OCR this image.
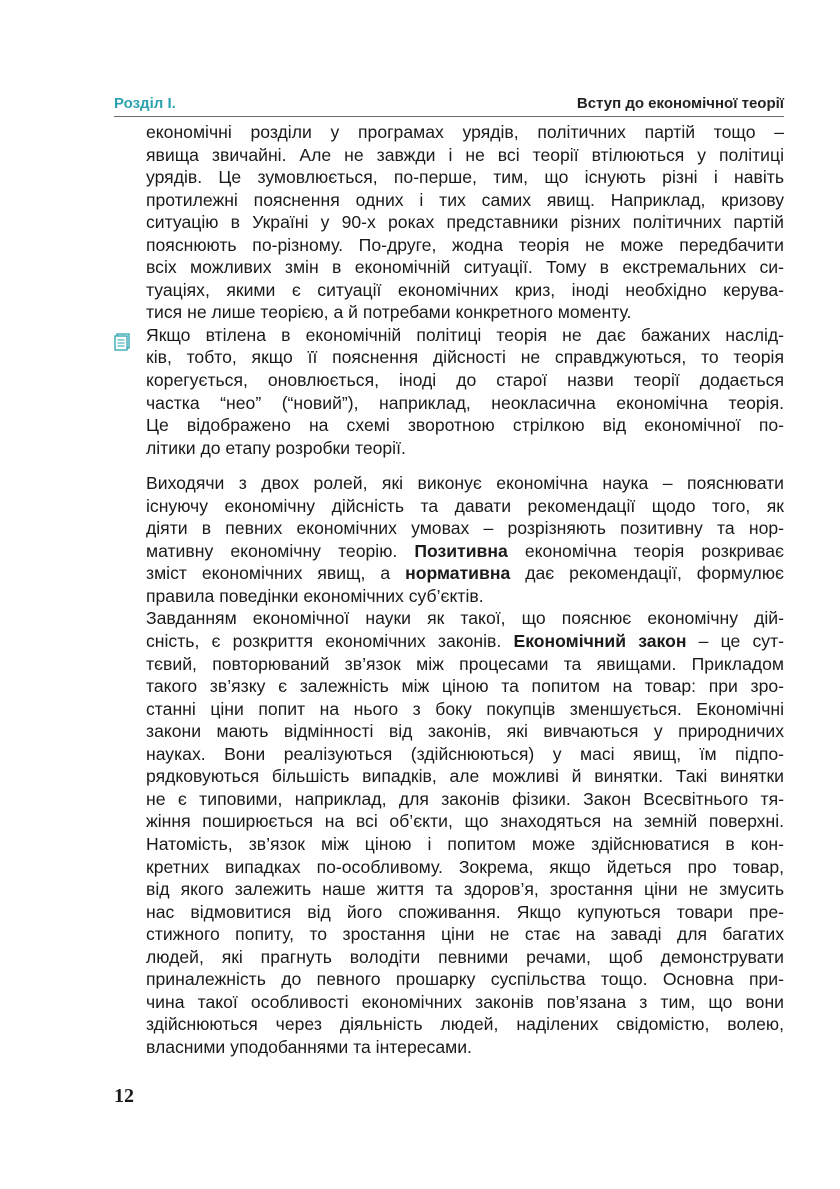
Розділ І.	Вступ до економічної теорії

економічні розділи у програмах урядів, політичних партій тощо –
явища звичайні. Але не завжди і не всі теорії втілюються у політиці
урядів. Це зумовлюється, по-перше, тим, що існують різні і навіть
протилежні пояснення одних і тих самих явищ. Наприклад, кризову
ситуацію в Україні у 90-х роках представники різних політичних партій
пояснюють по-різному. По-друге, жодна теорія не може передбачити
всіх можливих змін в економічній ситуації. Тому в екстремальних си-
туаціях, якими є ситуації економічних криз, іноді необхідно керува-
тися не лише теорією, а й потребами конкретного моменту.

Якщо втілена в економічній політиці теорія не дає бажаних наслід-
ків, тобто, якщо її пояснення дійсності не справджуються, то теорія
корегується, оновлюється, іноді до старої назви теорії додається
частка “нео” (“новий”), наприклад, неокласична економічна теорія.
Це відображено на схемі зворотною стрілкою від економічної по-
літики до етапу розробки теорії.

Виходячи з двох ролей, які виконує економічна наука – пояснювати
існуючу економічну дійсність та давати рекомендації щодо того, як
діяти в певних економічних умовах – розрізняють позитивну та нор-
мативну економічну теорію. Позитивна економічна теорія розкриває
зміст економічних явищ, а нормативна дає рекомендації, формулює
правила поведінки економічних суб’єктів.

Завданням економічної науки як такої, що пояснює економічну дій-
сність, є розкриття економічних законів. Економічний закон – це сут-
тєвий, повторюваний зв’язок між процесами та явищами. Прикладом
такого зв’язку є залежність між ціною та попитом на товар: при зро-
станні ціни попит на нього з боку покупців зменшується. Економічні
закони мають відмінності від законів, які вивчаються у природничих
науках. Вони реалізуються (здійснюються) у масі явищ, їм підпо-
рядковуються більшість випадків, але можливі й винятки. Такі винятки
не є типовими, наприклад, для законів фізики. Закон Всесвітнього тя-
жіння поширюється на всі об’єкти, що знаходяться на земній поверхні.
Натомість, зв’язок між ціною і попитом може здійснюватися в кон-
кретних випадках по-особливому. Зокрема, якщо йдеться про товар,
від якого залежить наше життя та здоров’я, зростання ціни не змусить
нас відмовитися від його споживання. Якщо купуються товари пре-
стижного попиту, то зростання ціни не стає на заваді для багатих
людей, які прагнуть володіти певними речами, щоб демонструвати
приналежність до певного прошарку суспільства тощо. Основна при-
чина такої особливості економічних законів пов’язана з тим, що вони
здійснюються через діяльність людей, наділених свідомістю, волею,
власними уподобаннями та інтересами.

12
